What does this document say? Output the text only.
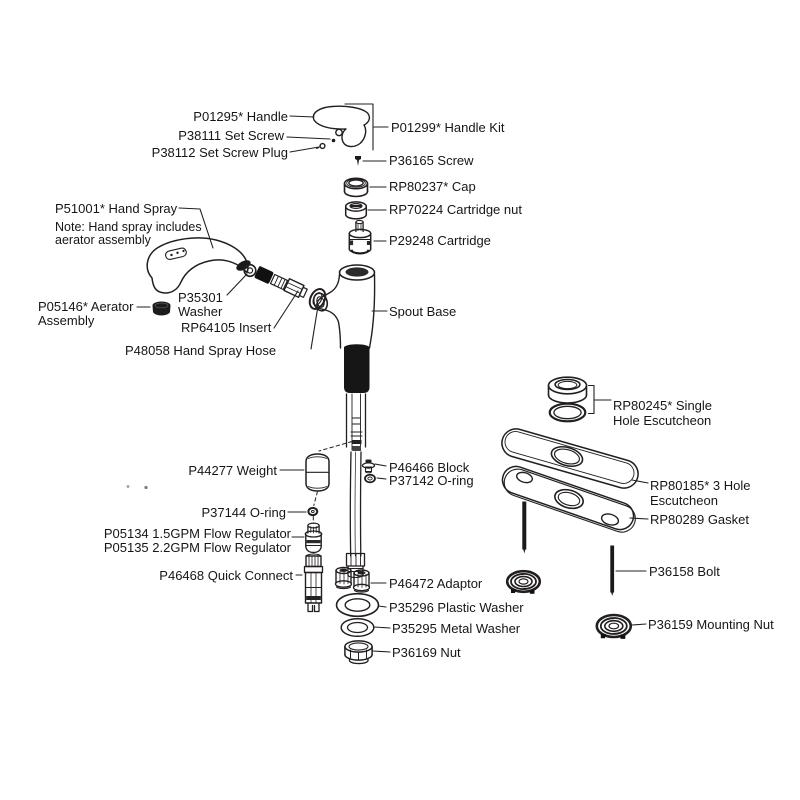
P01295* Handle
P38111 Set Screw
P38112 Set Screw Plug
P01299* Handle Kit
P36165 Screw
RP80237* Cap
RP70224 Cartridge nut
P29248 Cartridge
P51001* Hand Spray
Note: Hand spray includes
aerator assembly
P05146* Aerator
Assembly
P35301
Washer
RP64105 Insert
P48058 Hand Spray Hose
Spout Base
P44277 Weight
P37144 O-ring
P05134 1.5GPM Flow Regulator
P05135 2.2GPM Flow Regulator
P46468 Quick Connect
P46466 Block
P37142 O-ring
P46472 Adaptor
P35296 Plastic Washer
P35295 Metal Washer
P36169 Nut
RP80245* Single
Hole Escutcheon
RP80185* 3 Hole
Escutcheon
RP80289 Gasket
P36158 Bolt
P36159 Mounting Nut
